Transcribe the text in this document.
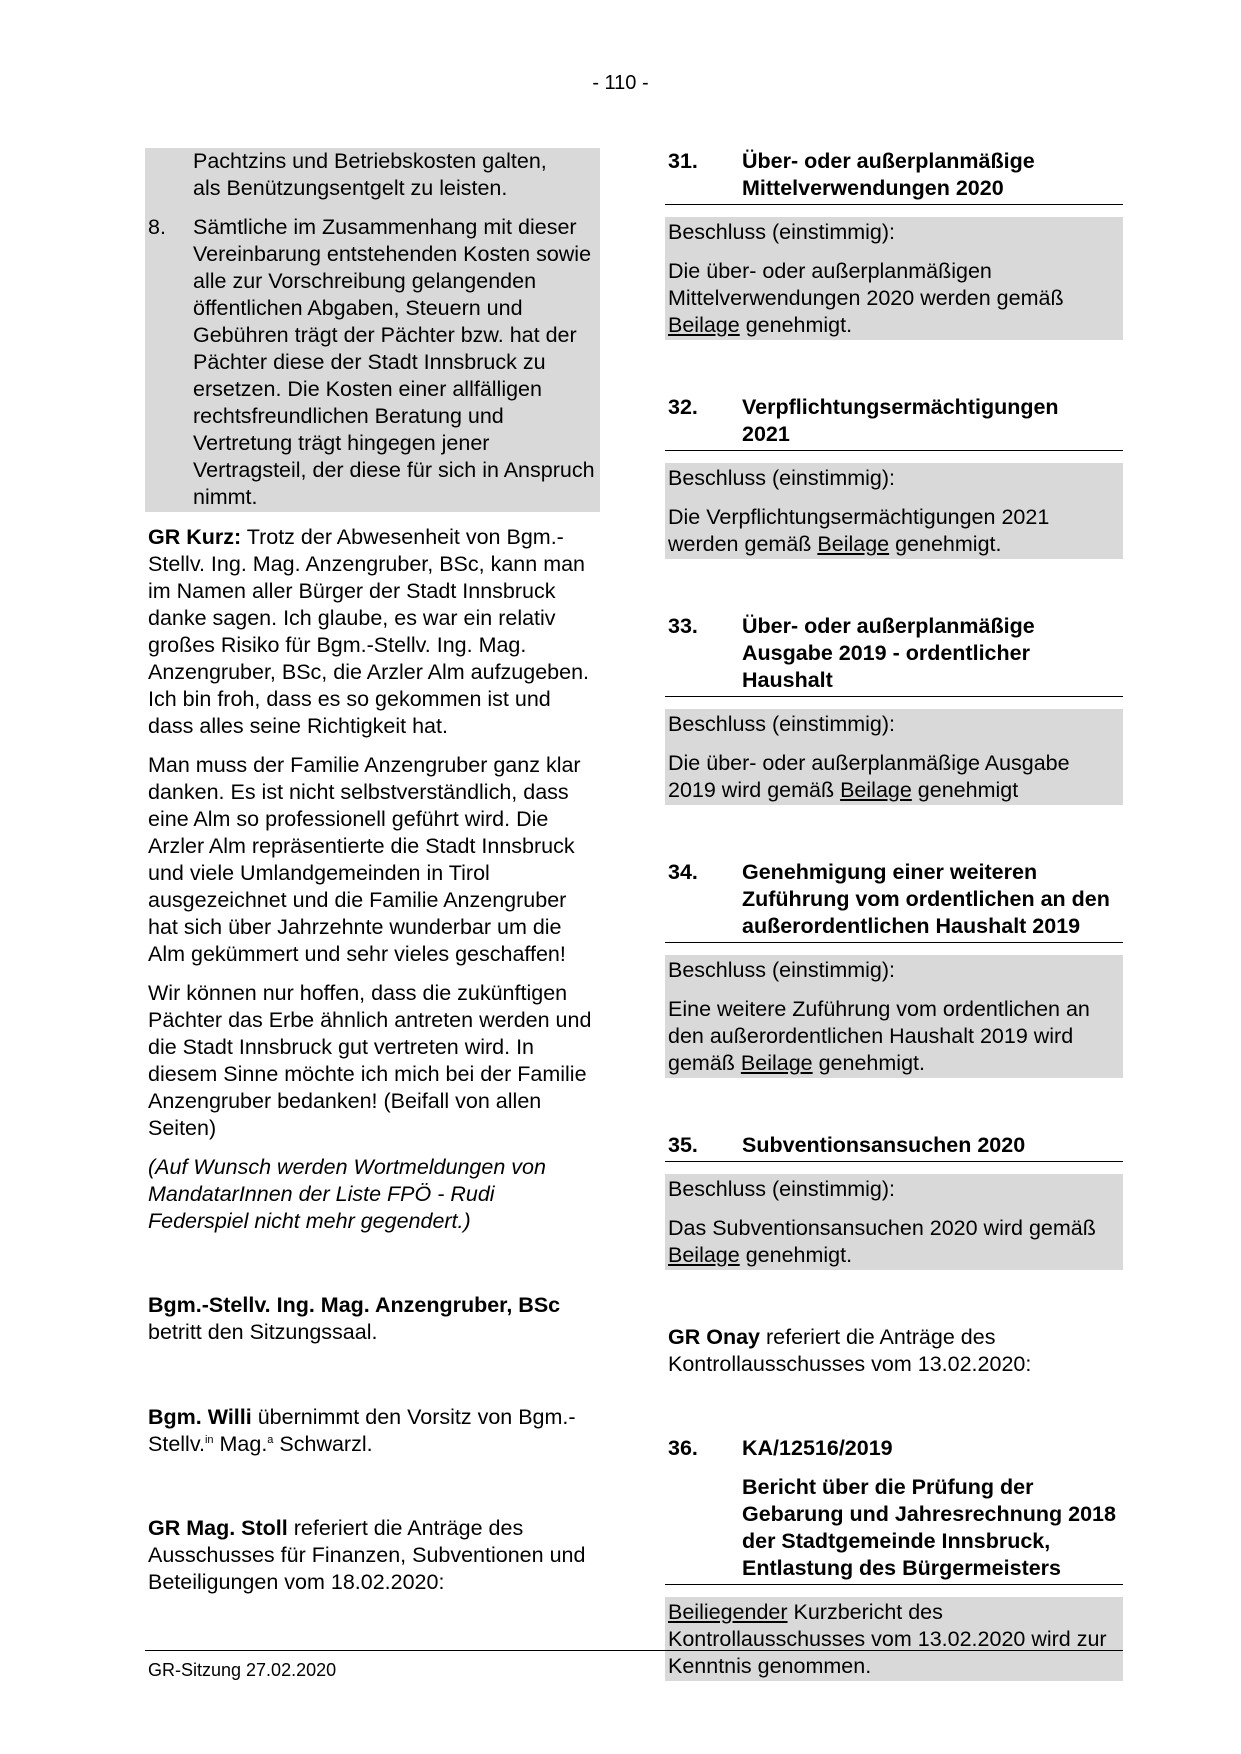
- 110 -
Pachtzins und Betriebskosten galten,
als Benützungsentgelt zu leisten.
8. Sämtliche im Zusammenhang mit dieser Vereinbarung entstehenden Kosten sowie alle zur Vorschreibung gelangenden öffentlichen Abgaben, Steuern und Gebühren trägt der Pächter bzw. hat der Pächter diese der Stadt Innsbruck zu ersetzen. Die Kosten einer allfälligen rechtsfreundlichen Beratung und Vertretung trägt hingegen jener Vertragsteil, der diese für sich in Anspruch nimmt.

GR Kurz: Trotz der Abwesenheit von Bgm.-Stellv. Ing. Mag. Anzengruber, BSc, kann man im Namen aller Bürger der Stadt Innsbruck danke sagen. Ich glaube, es war ein relativ großes Risiko für Bgm.-Stellv. Ing. Mag. Anzengruber, BSc, die Arzler Alm aufzugeben. Ich bin froh, dass es so gekommen ist und dass alles seine Richtigkeit hat.

Man muss der Familie Anzengruber ganz klar danken. Es ist nicht selbstverständlich, dass eine Alm so professionell geführt wird. Die Arzler Alm repräsentierte die Stadt Innsbruck und viele Umlandgemeinden in Tirol ausgezeichnet und die Familie Anzengruber hat sich über Jahrzehnte wunderbar um die Alm gekümmert und sehr vieles geschaffen!

Wir können nur hoffen, dass die zukünftigen Pächter das Erbe ähnlich antreten werden und die Stadt Innsbruck gut vertreten wird. In diesem Sinne möchte ich mich bei der Familie Anzengruber bedanken! (Beifall von allen Seiten)

(Auf Wunsch werden Wortmeldungen von MandatarInnen der Liste FPÖ - Rudi Federspiel nicht mehr gegendert.)

Bgm.-Stellv. Ing. Mag. Anzengruber, BSc betritt den Sitzungssaal.

Bgm. Willi übernimmt den Vorsitz von Bgm.-Stellv.$^{in}$ Mag.$^a$ Schwarzl.

GR Mag. Stoll referiert die Anträge des Ausschusses für Finanzen, Subventionen und Beteiligungen vom 18.02.2020:

31.	Über- oder außerplanmäßige Mittelverwendungen 2020
Beschluss (einstimmig):
Die über- oder außerplanmäßigen Mittelverwendungen 2020 werden gemäß Beilage genehmigt.
32.	Verpflichtungsermächtigungen 2021
Beschluss (einstimmig):
Die Verpflichtungsermächtigungen 2021 werden gemäß Beilage genehmigt.
33.	Über- oder außerplanmäßige Ausgabe 2019 - ordentlicher Haushalt
Beschluss (einstimmig):
Die über- oder außerplanmäßige Ausgabe 2019 wird gemäß Beilage genehmigt
34.	Genehmigung einer weiteren Zuführung vom ordentlichen an den außerordentlichen Haushalt 2019
Beschluss (einstimmig):
Eine weitere Zuführung vom ordentlichen an den außerordentlichen Haushalt 2019 wird gemäß Beilage genehmigt.
35.	Subventionsansuchen 2020
Beschluss (einstimmig):
Das Subventionsansuchen 2020 wird gemäß Beilage genehmigt.

GR Onay referiert die Anträge des Kontrollausschusses vom 13.02.2020:

36.	KA/12516/2019
Bericht über die Prüfung der Gebarung und Jahresrechnung 2018 der Stadtgemeinde Innsbruck, Entlastung des Bürgermeisters
Beiliegender Kurzbericht des Kontrollausschusses vom 13.02.2020 wird zur Kenntnis genommen.
GR-Sitzung 27.02.2020
